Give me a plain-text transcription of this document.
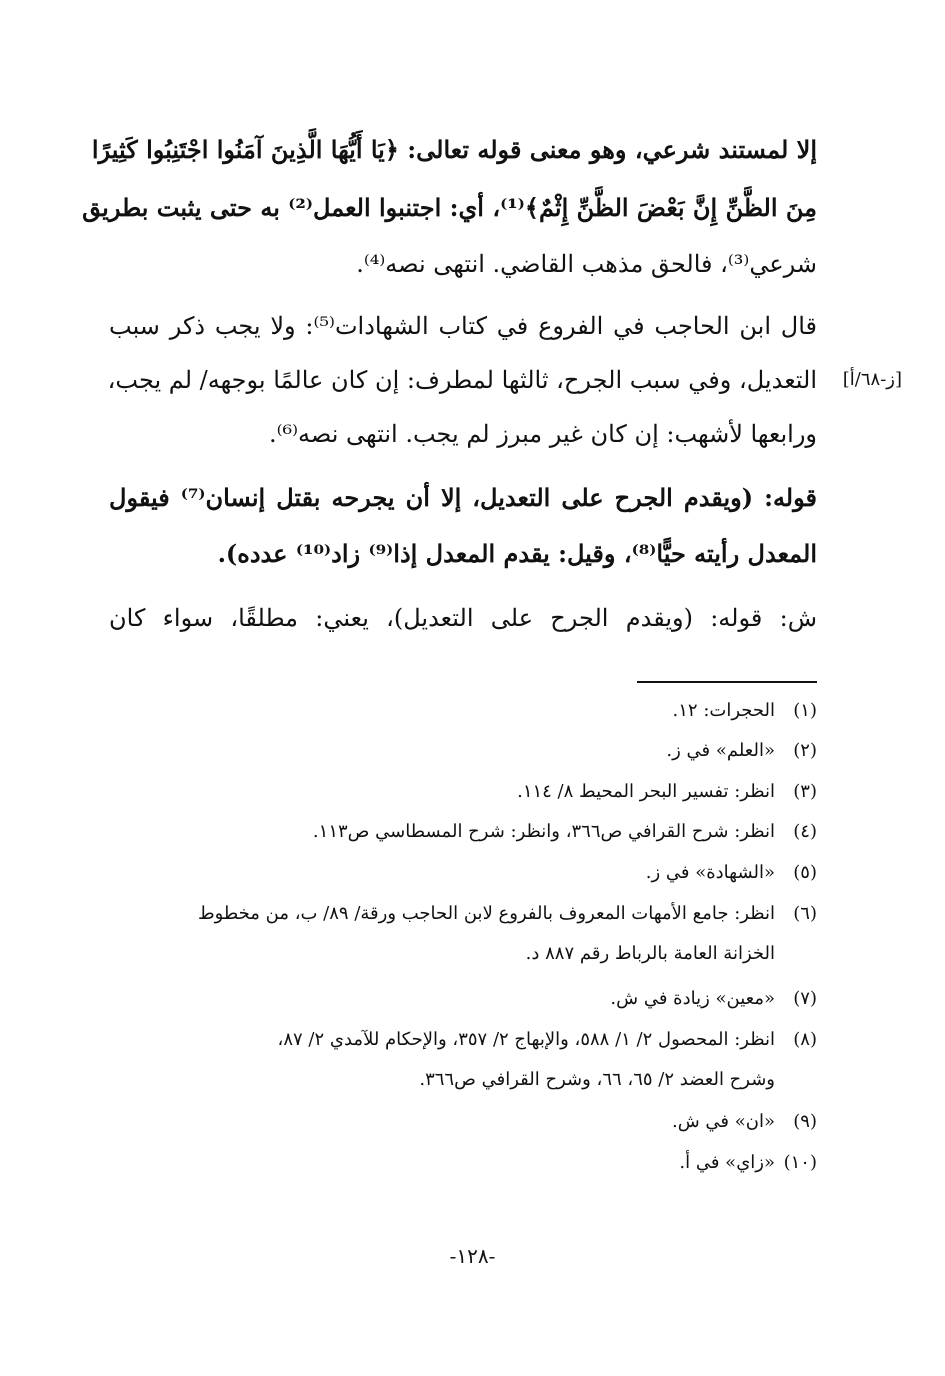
إلا لمستند شرعي، وهو معنى قوله تعالى: ﴿يَا أَيُّهَا الَّذِينَ آمَنُوا اجْتَنِبُوا كَثِيرًا
مِنَ الظَّنِّ إِنَّ بَعْضَ الظَّنِّ إِثْمٌ﴾⁽¹⁾، أي: اجتنبوا العمل⁽²⁾ به حتى يثبت بطريق
شرعي⁽³⁾، فالحق مذهب القاضي. انتهى نصه⁽⁴⁾.
قال ابن الحاجب في الفروع في كتاب الشهادات⁽⁵⁾: ولا يجب ذكر سبب
التعديل، وفي سبب الجرح، ثالثها لمطرف: إن كان عالمًا بوجهه/ لم يجب،
ورابعها لأشهب: إن كان غير مبرز لم يجب. انتهى نصه⁽⁶⁾.
[ز-٦٨/أ]
قوله: (ويقدم الجرح على التعديل، إلا أن يجرحه بقتل إنسان⁽⁷⁾ فيقول
المعدل رأيته حيًّا⁽⁸⁾، وقيل: يقدم المعدل إذا⁽⁹⁾ زاد⁽¹⁰⁾ عدده).
ش: قوله: (ويقدم الجرح على التعديل)، يعني: مطلقًا، سواء كان
(١)الحجرات: ١٢.
(٢)«العلم» في ز.
(٣)انظر: تفسير البحر المحيط ٨/ ١١٤.
(٤)انظر: شرح القرافي ص٣٦٦، وانظر: شرح المسطاسي ص١١٣.
(٥)«الشهادة» في ز.
(٦)انظر: جامع الأمهات المعروف بالفروع لابن الحاجب ورقة/ ٨٩/ ب، من مخطوط
الخزانة العامة بالرباط رقم ٨٨٧ د.
(٧)«معين» زيادة في ش.
(٨)انظر: المحصول ٢/ ١/ ٥٨٨، والإبهاج ٢/ ٣٥٧، والإحكام للآمدي ٢/ ٨٧،
وشرح العضد ٢/ ٦٥، ٦٦، وشرح القرافي ص٣٦٦.
(٩)«ان» في ش.
(١٠)«زاي» في أ.
-١٢٨-
